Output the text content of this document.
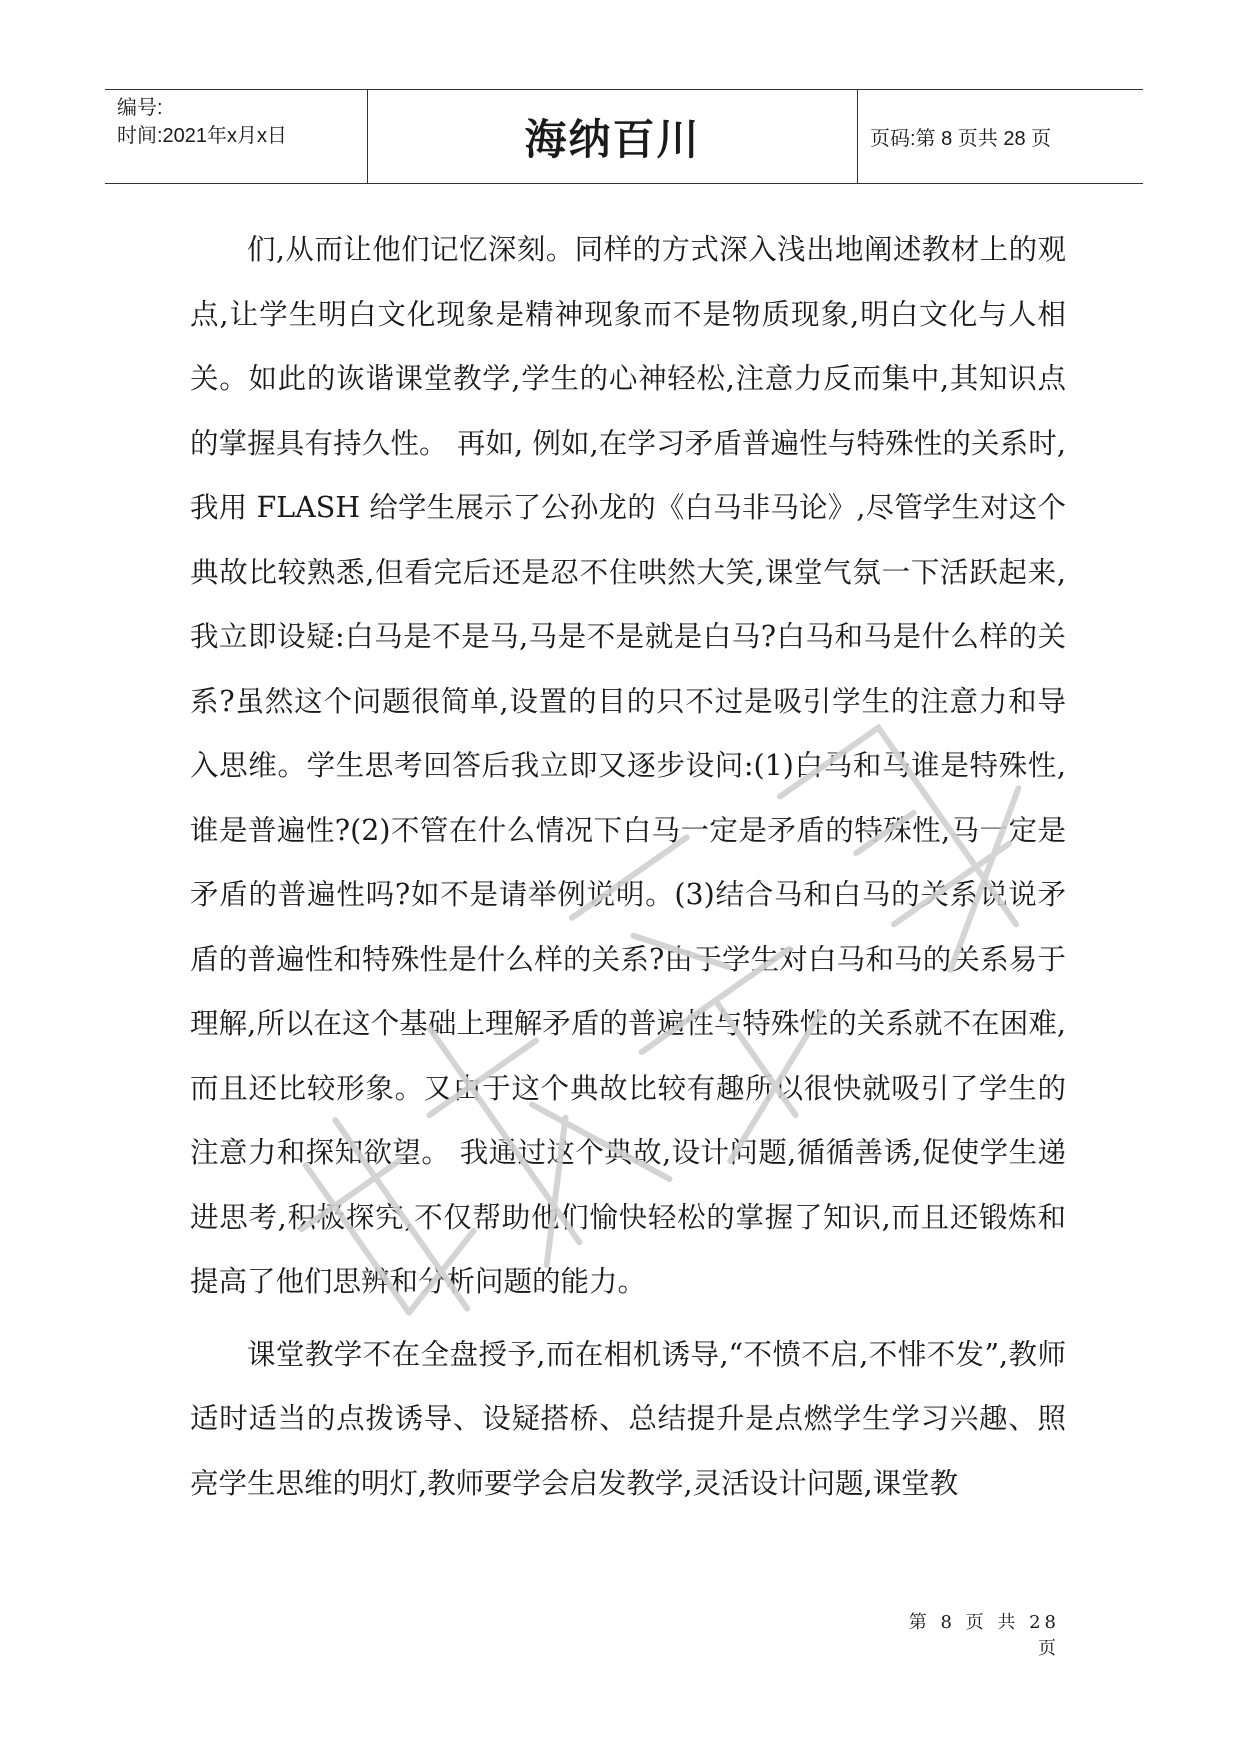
编号:
时间:2021年x月x日	海纳百川	页码:第 8 页共 28 页

们,从而让他们记忆深刻。同样的方式深入浅出地阐述教材上的观点,让学生明白文化现象是精神现象而不是物质现象,明白文化与人相关。如此的诙谐课堂教学,学生的心神轻松,注意力反而集中,其知识点的掌握具有持久性。 再如, 例如,在学习矛盾普遍性与特殊性的关系时,我用 FLASH 给学生展示了公孙龙的《白马非马论》,尽管学生对这个典故比较熟悉,但看完后还是忍不住哄然大笑,课堂气氛一下活跃起来,我立即设疑:白马是不是马,马是不是就是白马?白马和马是什么样的关系?虽然这个问题很简单,设置的目的只不过是吸引学生的注意力和导入思维。学生思考回答后我立即又逐步设问:(1)白马和马谁是特殊性,谁是普遍性?(2)不管在什么情况下白马一定是矛盾的特殊性,马一定是矛盾的普遍性吗?如不是请举例说明。(3)结合马和白马的关系说说矛盾的普遍性和特殊性是什么样的关系?由于学生对白马和马的关系易于理解,所以在这个基础上理解矛盾的普遍性与特殊性的关系就不在困难,而且还比较形象。又由于这个典故比较有趣所以很快就吸引了学生的注意力和探知欲望。 我通过这个典故,设计问题,循循善诱,促使学生递进思考,积极探究,不仅帮助他们愉快轻松的掌握了知识,而且还锻炼和提高了他们思辨和分析问题的能力。

课堂教学不在全盘授予,而在相机诱导,“不愤不启,不悱不发”,教师适时适当的点拨诱导、设疑搭桥、总结提升是点燃学生学习兴趣、照亮学生思维的明灯,教师要学会启发教学,灵活设计问题,课堂教

第 8 页 共 28 页
